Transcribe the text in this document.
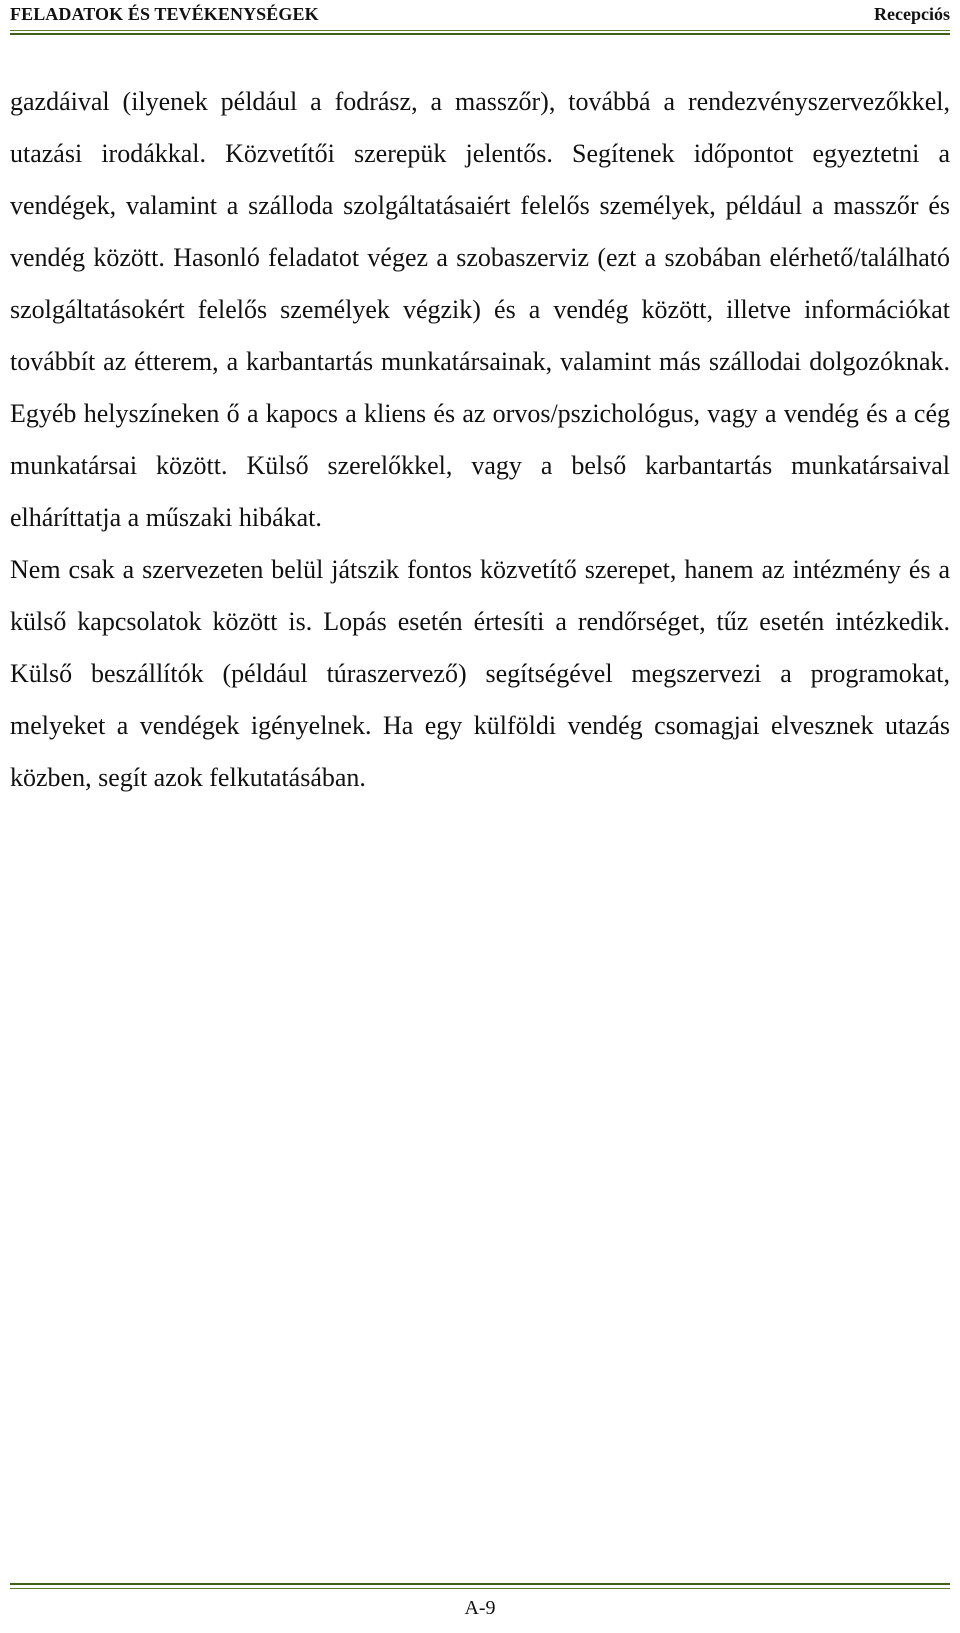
FELADATOK ÉS TEVÉKENYSÉGEK	Recepciós

gazdáival (ilyenek például a fodrász, a masszőr), továbbá a rendezvényszervezőkkel, utazási irodákkal. Közvetítői szerepük jelentős. Segítenek időpontot egyeztetni a vendégek, valamint a szálloda szolgáltatásaiért felelős személyek, például a masszőr és vendég között. Hasonló feladatot végez a szobaszerviz (ezt a szobában elérhető/található szolgáltatásokért felelős személyek végzik) és a vendég között, illetve információkat továbbít az étterem, a karbantartás munkatársainak, valamint más szállodai dolgozóknak. Egyéb helyszíneken ő a kapocs a kliens és az orvos/pszichológus, vagy a vendég és a cég munkatársai között. Külső szerelőkkel, vagy a belső karbantartás munkatársaival elháríttatja a műszaki hibákat.

Nem csak a szervezeten belül játszik fontos közvetítő szerepet, hanem az intézmény és a külső kapcsolatok között is. Lopás esetén értesíti a rendőrséget, tűz esetén intézkedik. Külső beszállítók (például túraszervező) segítségével megszervezi a programokat, melyeket a vendégek igényelnek. Ha egy külföldi vendég csomagjai elvesznek utazás közben, segít azok felkutatásában.

A-9
